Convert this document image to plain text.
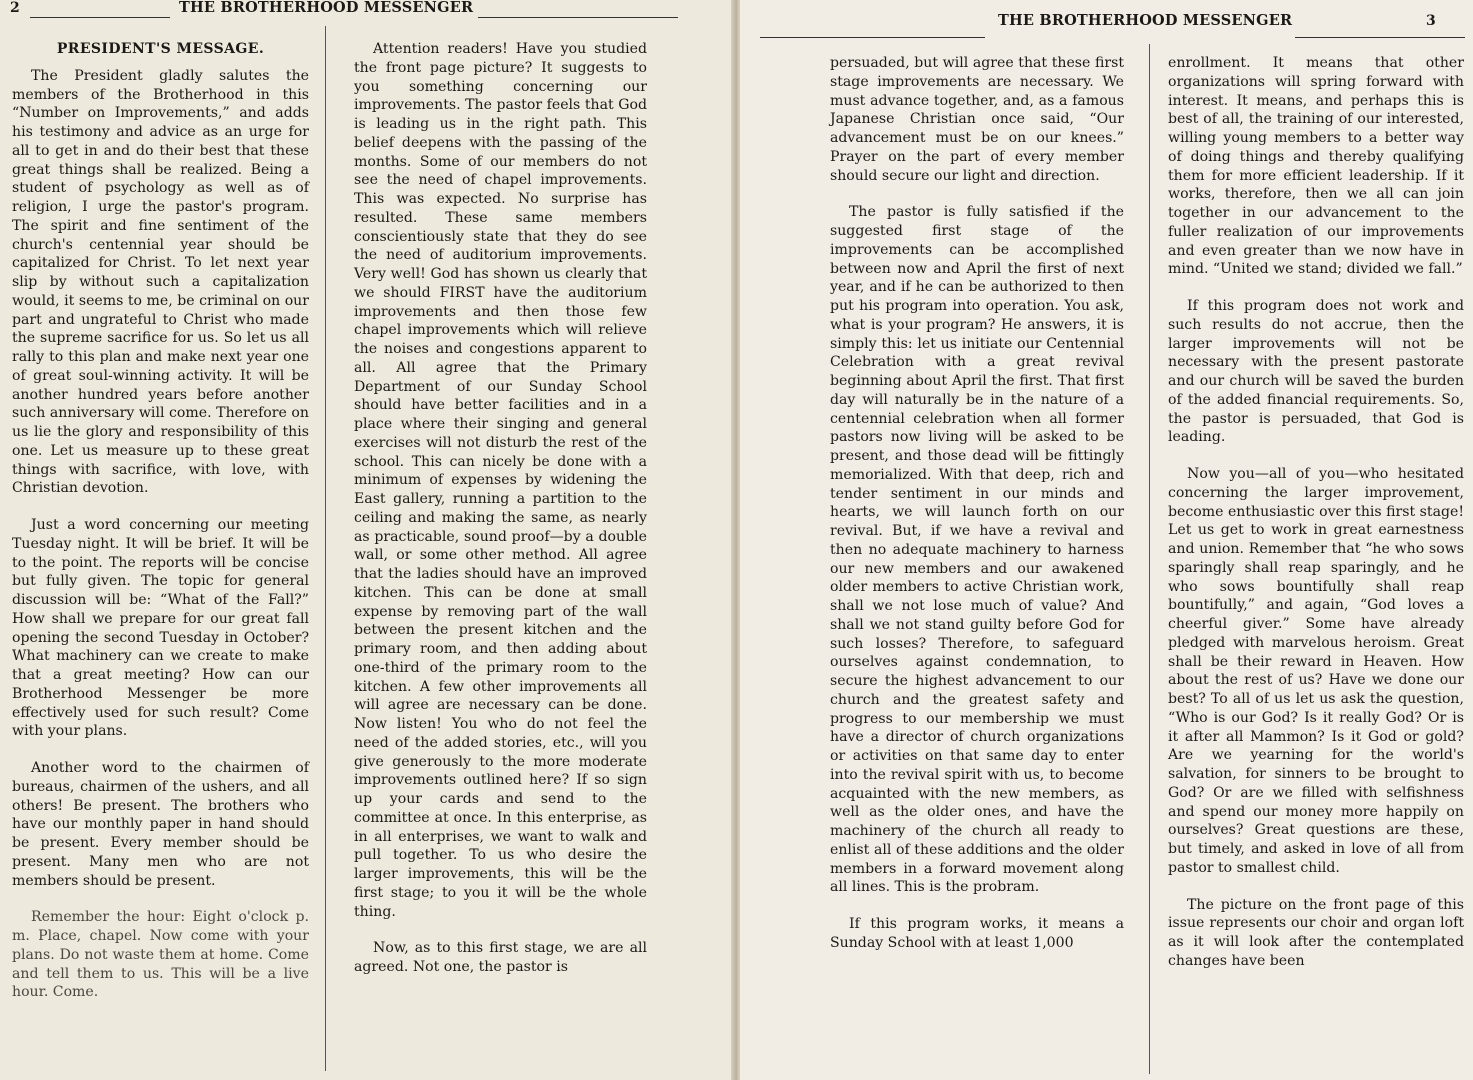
2	THE BROTHERHOOD MESSENGER
PRESIDENT'S MESSAGE.

The President gladly salutes the members of the Brotherhood in this “Number on Improvements,” and adds his testimony and advice as an urge for all to get in and do their best that these great things shall be realized. Being a student of psychology as well as of religion, I urge the pastor's program. The spirit and fine sentiment of the church's centennial year should be capitalized for Christ. To let next year slip by without such a capitalization would, it seems to me, be criminal on our part and ungrateful to Christ who made the supreme sacrifice for us. So let us all rally to this plan and make next year one of great soul-winning activity. It will be another hundred years before another such anniversary will come. Therefore on us lie the glory and responsibility of this one. Let us measure up to these great things with sacrifice, with love, with Christian devotion.

Just a word concerning our meeting Tuesday night. It will be brief. It will be to the point. The reports will be concise but fully given. The topic for general discussion will be: “What of the Fall?” How shall we prepare for our great fall opening the second Tuesday in October? What machinery can we create to make that a great meeting? How can our Brotherhood Messenger be more effectively used for such result? Come with your plans.

Another word to the chairmen of bureaus, chairmen of the ushers, and all others! Be present. The brothers who have our monthly paper in hand should be present. Every member should be present. Many men who are not members should be present.

Remember the hour: Eight o'clock p. m. Place, chapel. Now come with your plans. Do not waste them at home. Come and tell them to us. This will be a live hour. Come.

Attention readers! Have you studied the front page picture? It suggests to you something concerning our improvements. The pastor feels that God is leading us in the right path. This belief deepens with the passing of the months. Some of our members do not see the need of chapel improvements. This was expected. No surprise has resulted. These same members conscientiously state that they do see the need of auditorium improvements. Very well! God has shown us clearly that we should FIRST have the auditorium improvements and then those few chapel improvements which will relieve the noises and congestions apparent to all. All agree that the Primary Department of our Sunday School should have better facilities and in a place where their singing and general exercises will not disturb the rest of the school. This can nicely be done with a minimum of expenses by widening the East gallery, running a partition to the ceiling and making the same, as nearly as practicable, sound proof—by a double wall, or some other method. All agree that the ladies should have an improved kitchen. This can be done at small expense by removing part of the wall between the present kitchen and the primary room, and then adding about one-third of the primary room to the kitchen. A few other improvements all will agree are necessary can be done. Now listen! You who do not feel the need of the added stories, etc., will you give generously to the more moderate improvements outlined here? If so sign up your cards and send to the committee at once. In this enterprise, as in all enterprises, we want to walk and pull together. To us who desire the larger improvements, this will be the first stage; to you it will be the whole thing.

Now, as to this first stage, we are all agreed. Not one, the pastor is

THE BROTHERHOOD MESSENGER	3

persuaded, but will agree that these first stage improvements are necessary. We must advance together, and, as a famous Japanese Christian once said, “Our advancement must be on our knees.” Prayer on the part of every member should secure our light and direction.

The pastor is fully satisfied if the suggested first stage of the improvements can be accomplished between now and April the first of next year, and if he can be authorized to then put his program into operation. You ask, what is your program? He answers, it is simply this: let us initiate our Centennial Celebration with a great revival beginning about April the first. That first day will naturally be in the nature of a centennial celebration when all former pastors now living will be asked to be present, and those dead will be fittingly memorialized. With that deep, rich and tender sentiment in our minds and hearts, we will launch forth on our revival. But, if we have a revival and then no adequate machinery to harness our new members and our awakened older members to active Christian work, shall we not lose much of value? And shall we not stand guilty before God for such losses? Therefore, to safeguard ourselves against condemnation, to secure the highest advancement to our church and the greatest safety and progress to our membership we must have a director of church organizations or activities on that same day to enter into the revival spirit with us, to become acquainted with the new members, as well as the older ones, and have the machinery of the church all ready to enlist all of these additions and the older members in a forward movement along all lines. This is the probram.

If this program works, it means a Sunday School with at least 1,000

enrollment. It means that other organizations will spring forward with interest. It means, and perhaps this is best of all, the training of our interested, willing young members to a better way of doing things and thereby qualifying them for more efficient leadership. If it works, therefore, then we all can join together in our advancement to the fuller realization of our improvements and even greater than we now have in mind. “United we stand; divided we fall.”

If this program does not work and such results do not accrue, then the larger improvements will not be necessary with the present pastorate and our church will be saved the burden of the added financial requirements. So, the pastor is persuaded, that God is leading.

Now you—all of you—who hesitated concerning the larger improvement, become enthusiastic over this first stage! Let us get to work in great earnestness and union. Remember that “he who sows sparingly shall reap sparingly, and he who sows bountifully shall reap bountifully,” and again, “God loves a cheerful giver.” Some have already pledged with marvelous heroism. Great shall be their reward in Heaven. How about the rest of us? Have we done our best? To all of us let us ask the question, “Who is our God? Is it really God? Or is it after all Mammon? Is it God or gold? Are we yearning for the world's salvation, for sinners to be brought to God? Or are we filled with selfishness and spend our money more happily on ourselves? Great questions are these, but timely, and asked in love of all from pastor to smallest child.

The picture on the front page of this issue represents our choir and organ loft as it will look after the contemplated changes have been
